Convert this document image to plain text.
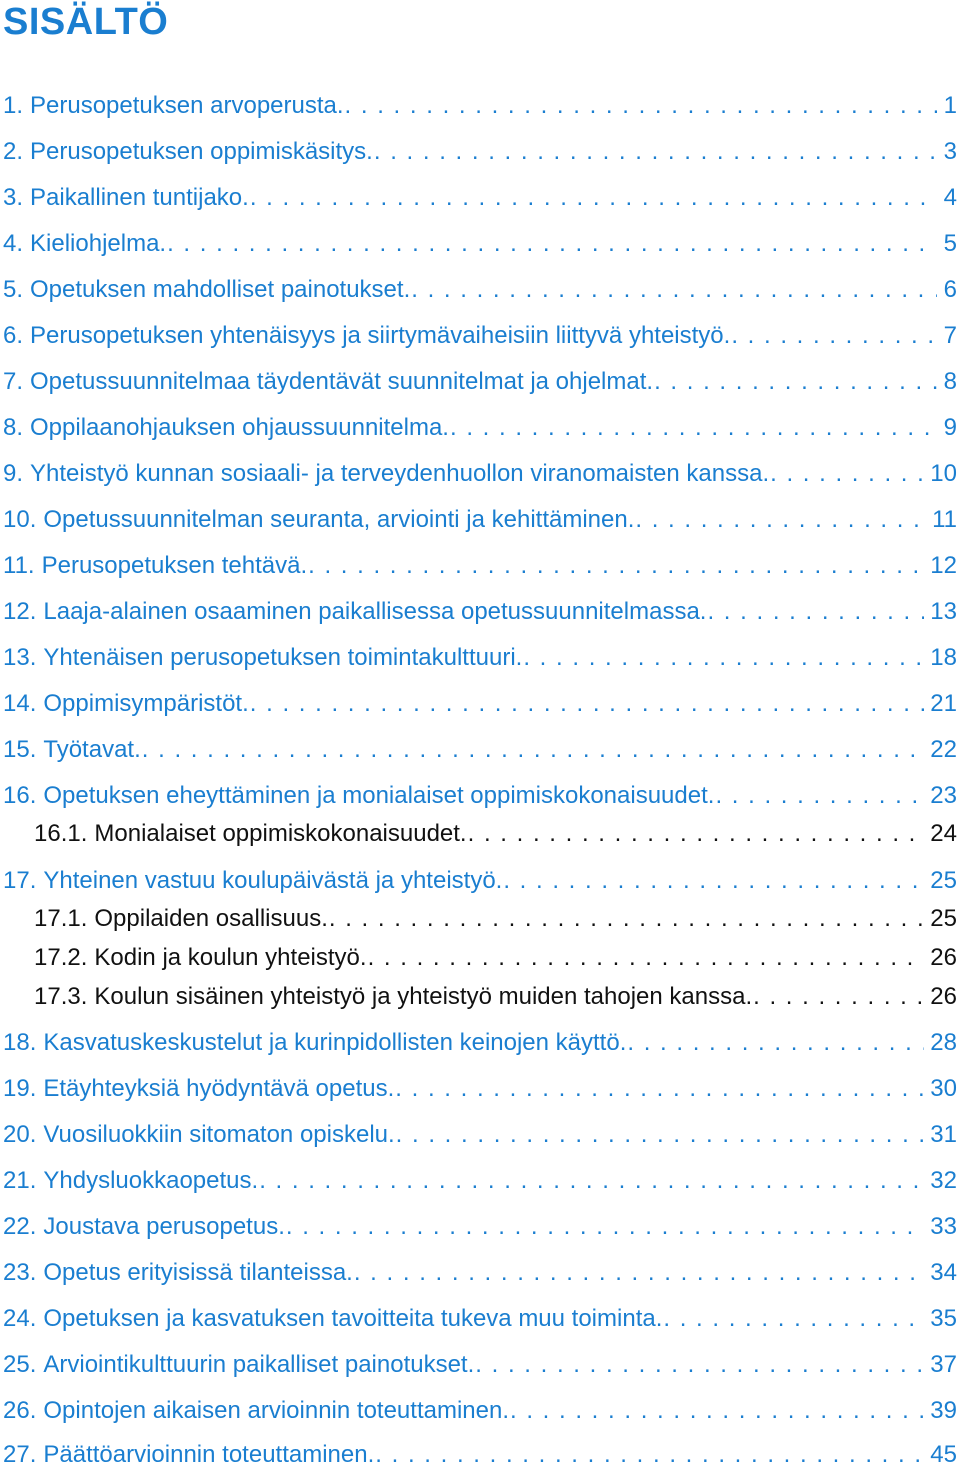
SISÄLTÖ
1. Perusopetuksen arvoperusta. . . .	1
2. Perusopetuksen oppimiskäsitys. . . .	3
3. Paikallinen tuntijako. . . .	4
4. Kieliohjelma. . . .	5
5. Opetuksen mahdolliset painotukset. . . .	6
6. Perusopetuksen yhtenäisyys ja siirtymävaiheisiin liittyvä yhteistyö. . . .	7
7. Opetussuunnitelmaa täydentävät suunnitelmat ja ohjelmat. . . .	8
8. Oppilaanohjauksen ohjaussuunnitelma. . . .	9
9. Yhteistyö kunnan sosiaali- ja terveydenhuollon viranomaisten kanssa. . . .	10
10. Opetussuunnitelman seuranta, arviointi ja kehittäminen. . . .	11
11. Perusopetuksen tehtävä. . . .	12
12. Laaja-alainen osaaminen paikallisessa opetussuunnitelmassa. . . .	13
13. Yhtenäisen perusopetuksen toimintakulttuuri. . . .	18
14. Oppimisympäristöt. . . .	21
15. Työtavat. . . .	22
16. Opetuksen eheyttäminen ja monialaiset oppimiskokonaisuudet. . . .	23
16.1. Monialaiset oppimiskokonaisuudet. . . .	24
17. Yhteinen vastuu koulupäivästä ja yhteistyö. . . .	25
17.1. Oppilaiden osallisuus. . . .	25
17.2. Kodin ja koulun yhteistyö. . . .	26
17.3. Koulun sisäinen yhteistyö ja yhteistyö muiden tahojen kanssa. . . .	26
18. Kasvatuskeskustelut ja kurinpidollisten keinojen käyttö. . . .	28
19. Etäyhteyksiä hyödyntävä opetus. . . .	30
20. Vuosiluokkiin sitomaton opiskelu. . . .	31
21. Yhdysluokkaopetus. . . .	32
22. Joustava perusopetus. . . .	33
23. Opetus erityisissä tilanteissa. . . .	34
24. Opetuksen ja kasvatuksen tavoitteita tukeva muu toiminta. . . .	35
25. Arviointikulttuurin paikalliset painotukset. . . .	37
26. Opintojen aikaisen arvioinnin toteuttaminen. . . .	39
27. Päättöarvioinnin toteuttaminen. . . .	45
